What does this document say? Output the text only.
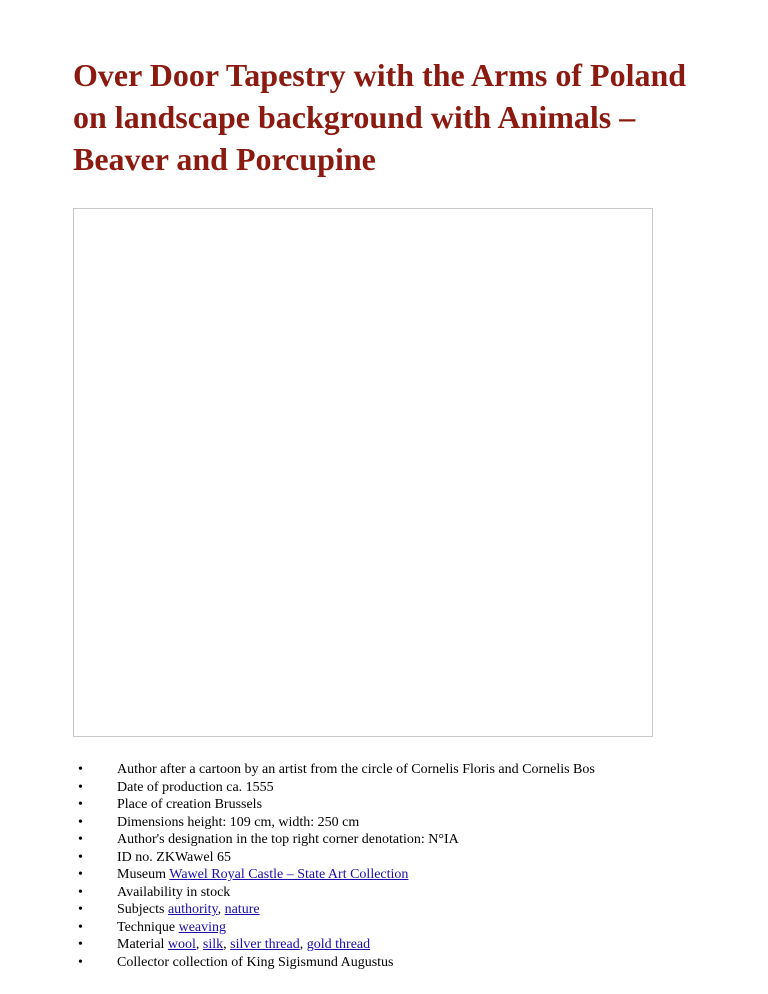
Over Door Tapestry with the Arms of Poland on landscape background with Animals – Beaver and Porcupine
• Author after a cartoon by an artist from the circle of Cornelis Floris and Cornelis Bos
• Date of production ca. 1555
• Place of creation Brussels
• Dimensions height: 109 cm, width: 250 cm
• Author's designation in the top right corner denotation: N°IA
• ID no. ZKWawel 65
• Museum Wawel Royal Castle – State Art Collection
• Availability in stock
• Subjects authority, nature
• Technique weaving
• Material wool, silk, silver thread, gold thread
• Collector collection of King Sigismund Augustus
